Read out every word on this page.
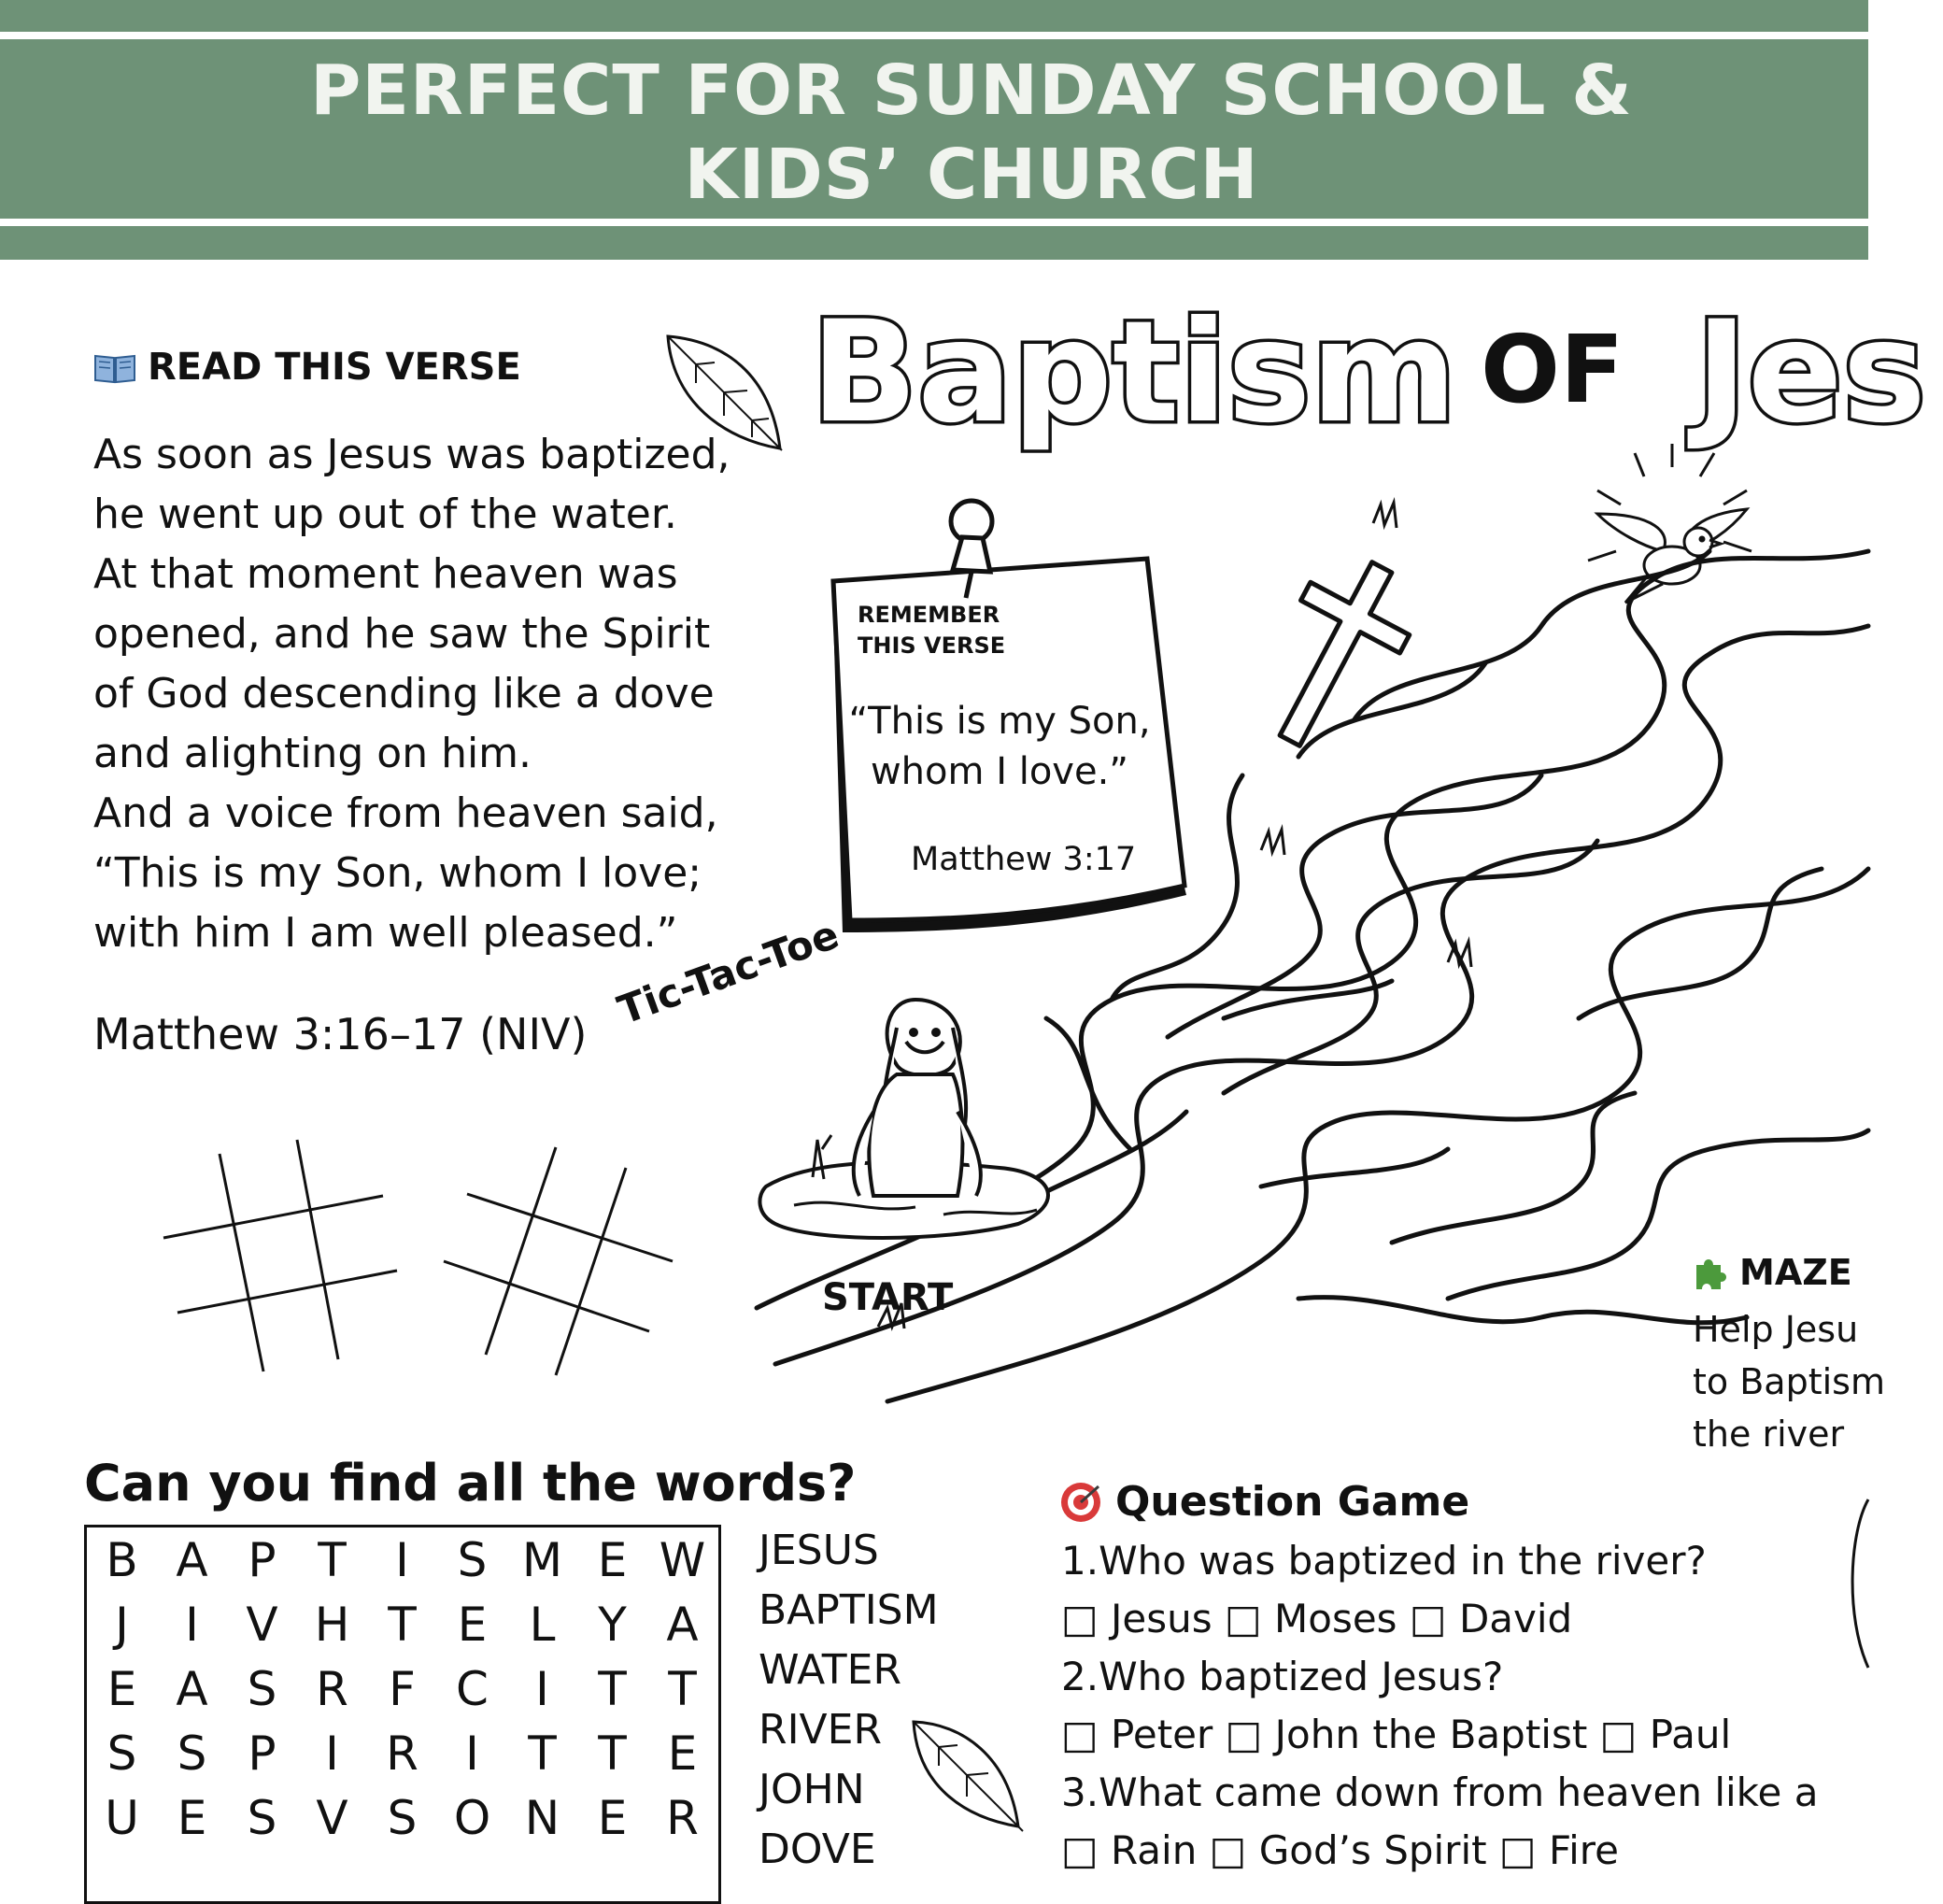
PERFECT FOR SUNDAY SCHOOL &
KIDS’ CHURCH
Baptism OF Jes
READ THIS VERSE
As soon as Jesus was baptized,
he went up out of the water.
At that moment heaven was
opened, and he saw the Spirit
of God descending like a dove
and alighting on him.
And a voice from heaven said,
“This is my Son, whom I love;
with him I am well pleased.”
Matthew 3:16–17 (NIV)
REMEMBER
THIS VERSE
“This is my Son,
whom I love.”
Matthew 3:17
START
MAZE
Help Jesu
to Baptism
the river
Tic-Tac-Toe
Can you find all the words?
B A P T	I	S M E W
J	I	V H T E L Y A
E A S R F C	I	T T
S S P	I	R	I	T T E
U E S V S O N E R
JESUS
BAPTISM
WATER
RIVER
JOHN
DOVE
Question Game
1.Who was baptized in the river?
□ Jesus □ Moses □ David
2.Who baptized Jesus?
□ Peter □ John the Baptist □ Paul
3.What came down from heaven like a
□ Rain □ God’s Spirit □ Fire
